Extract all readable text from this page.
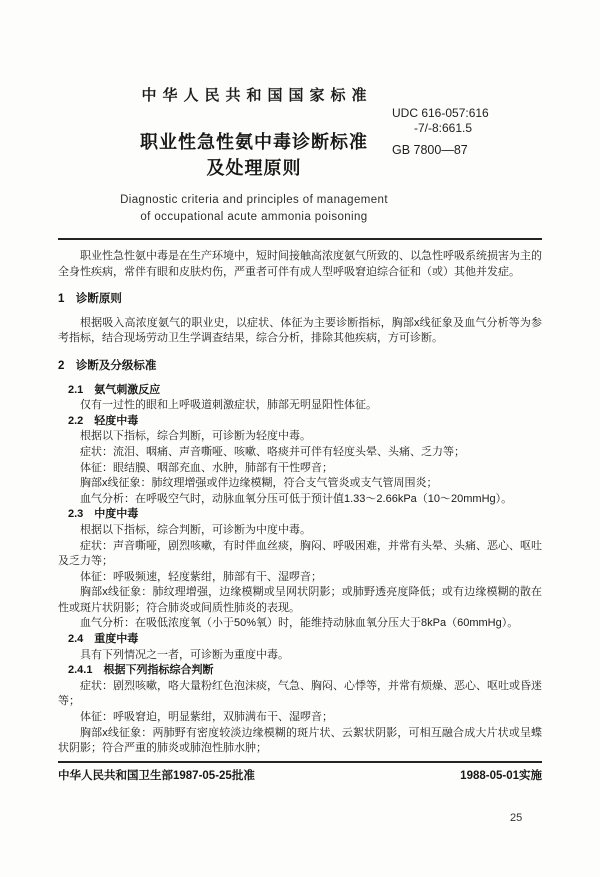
中华人民共和国国家标准
职业性急性氨中毒诊断标准
及处理原则
Diagnostic criteria and principles of management
of occupational acute ammonia poisoning
UDC 616-057:616
-7/-8:661.5
GB 7800—87

职业性急性氨中毒是在生产环境中，短时间接触高浓度氨气所致的、以急性呼吸系统损害为主的全身性疾病，常伴有眼和皮肤灼伤，严重者可伴有成人型呼吸窘迫综合征和（或）其他并发症。

1　诊断原则

根据吸入高浓度氨气的职业史，以症状、体征为主要诊断指标，胸部x线征象及血气分析等为参考指标，结合现场劳动卫生学调查结果，综合分析，排除其他疾病，方可诊断。

2　诊断及分级标准
2.1　氨气刺激反应

仅有一过性的眼和上呼吸道刺激症状，肺部无明显阳性体征。

2.2　轻度中毒

根据以下指标，综合判断，可诊断为轻度中毒。

症状：流泪、咽痛、声音嘶哑、咳嗽、咯痰并可伴有轻度头晕、头痛、乏力等；

体征：眼结膜、咽部充血、水肿，肺部有干性啰音；

胸部x线征象：肺纹理增强或伴边缘模糊，符合支气管炎或支气管周围炎；

血气分析：在呼吸空气时，动脉血氧分压可低于预计值1.33～2.66kPa（10～20mmHg）。

2.3　中度中毒

根据以下指标，综合判断，可诊断为中度中毒。

症状：声音嘶哑，剧烈咳嗽，有时伴血丝痰，胸闷、呼吸困难，并常有头晕、头痛、恶心、呕吐及乏力等；

体征：呼吸频速，轻度紫绀，肺部有干、湿啰音；

胸部x线征象：肺纹理增强，边缘模糊或呈网状阴影；或肺野透亮度降低；或有边缘模糊的散在性或斑片状阴影；符合肺炎或间质性肺炎的表现。

血气分析：在吸低浓度氧（小于50%氧）时，能维持动脉血氧分压大于8kPa（60mmHg）。

2.4　重度中毒

具有下列情况之一者，可诊断为重度中毒。

2.4.1　根据下列指标综合判断

症状：剧烈咳嗽，咯大量粉红色泡沫痰，气急、胸闷、心悸等，并常有烦燥、恶心、呕吐或昏迷等；

体征：呼吸窘迫，明显紫绀，双肺满布干、湿啰音；

胸部x线征象：两肺野有密度较淡边缘模糊的斑片状、云絮状阴影，可相互融合成大片状或呈蝶状阴影；符合严重的肺炎或肺泡性肺水肿；

中华人民共和国卫生部1987-05-25批准	1988-05-01实施
25
